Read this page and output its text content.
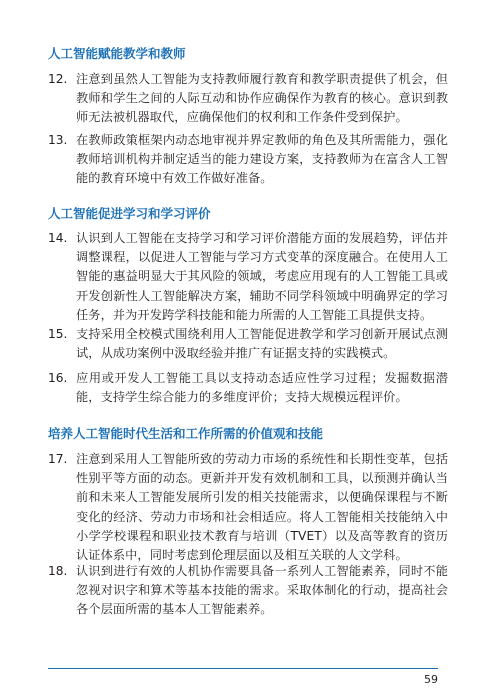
人工智能赋能教学和教师
12. 注意到虽然人工智能为支持教师履行教育和教学职责提供了机会，但教师和学生之间的人际互动和协作应确保作为教育的核心。意识到教师无法被机器取代，应确保他们的权利和工作条件受到保护。
13. 在教师政策框架内动态地审视并界定教师的角色及其所需能力，强化教师培训机构并制定适当的能力建设方案，支持教师为在富含人工智能的教育环境中有效工作做好准备。
人工智能促进学习和学习评价
14. 认识到人工智能在支持学习和学习评价潜能方面的发展趋势，评估并调整课程，以促进人工智能与学习方式变革的深度融合。在使用人工智能的惠益明显大于其风险的领域，考虑应用现有的人工智能工具或开发创新性人工智能解决方案，辅助不同学科领域中明确界定的学习任务，并为开发跨学科技能和能力所需的人工智能工具提供支持。
15. 支持采用全校模式围绕利用人工智能促进教学和学习创新开展试点测试，从成功案例中汲取经验并推广有证据支持的实践模式。
16. 应用或开发人工智能工具以支持动态适应性学习过程；发掘数据潜能，支持学生综合能力的多维度评价；支持大规模远程评价。
培养人工智能时代生活和工作所需的价值观和技能
17. 注意到采用人工智能所致的劳动力市场的系统性和长期性变革，包括性别平等方面的动态。更新并开发有效机制和工具，以预测并确认当前和未来人工智能发展所引发的相关技能需求，以便确保课程与不断变化的经济、劳动力市场和社会相适应。将人工智能相关技能纳入中小学学校课程和职业技术教育与培训（TVET）以及高等教育的资历认证体系中，同时考虑到伦理层面以及相互关联的人文学科。
18. 认识到进行有效的人机协作需要具备一系列人工智能素养，同时不能忽视对识字和算术等基本技能的需求。采取体制化的行动，提高社会各个层面所需的基本人工智能素养。
59
